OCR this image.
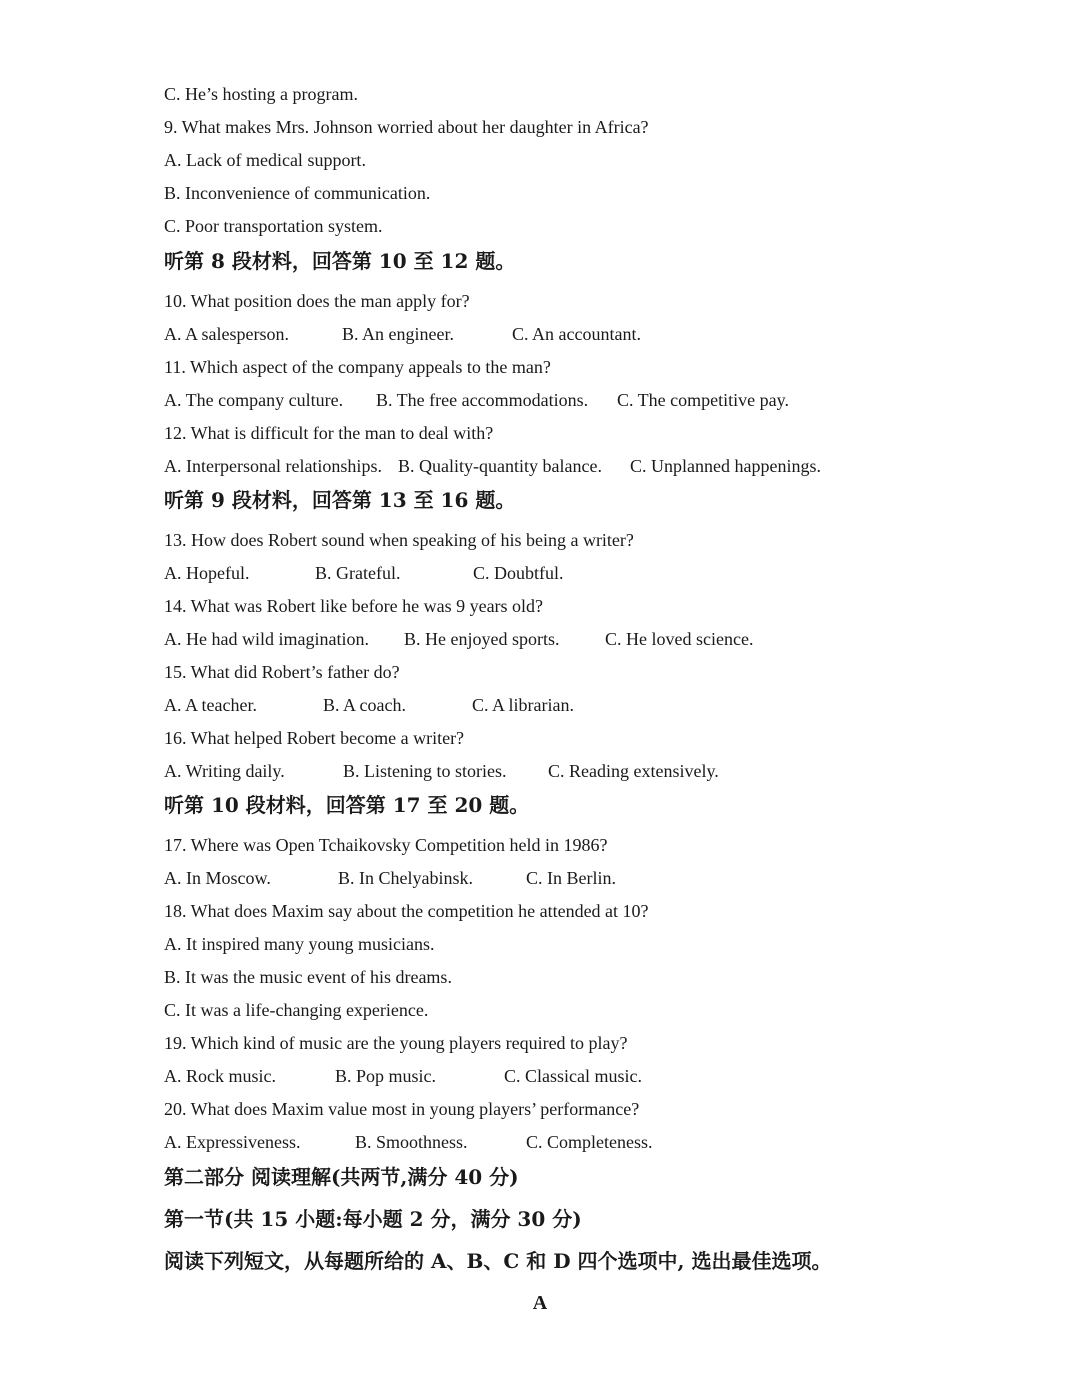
C. He’s hosting a program.
9. What makes Mrs. Johnson worried about her daughter in Africa?
A. Lack of medical support.
B. Inconvenience of communication.
C. Poor transportation system.
听第 8 段材料，回答第 10 至 12 题。
10. What position does the man apply for?
A. A salesperson.	B. An engineer.	C. An accountant.
11. Which aspect of the company appeals to the man?
A. The company culture. B. The free accommodations. C. The competitive pay.
12. What is difficult for the man to deal with?
A. Interpersonal relationships. B. Quality-quantity balance. C. Unplanned happenings.
听第 9 段材料，回答第 13 至 16 题。
13. How does Robert sound when speaking of his being a writer?
A. Hopeful.	B. Grateful.	C. Doubtful.
14. What was Robert like before he was 9 years old?
A. He had wild imagination. B. He enjoyed sports.	C. He loved science.
15. What did Robert’s father do?
A. A teacher.	B. A coach.	C. A librarian.
16. What helped Robert become a writer?
A. Writing daily.	B. Listening to stories. C. Reading extensively.
听第 10 段材料，回答第 17 至 20 题。
17. Where was Open Tchaikovsky Competition held in 1986?
A. In Moscow.	B. In Chelyabinsk.	C. In Berlin.
18. What does Maxim say about the competition he attended at 10?
A. It inspired many young musicians.
B. It was the music event of his dreams.
C. It was a life-changing experience.
19. Which kind of music are the young players required to play?
A. Rock music.	B. Pop music.	C. Classical music.
20. What does Maxim value most in young players’ performance?
A. Expressiveness.	B. Smoothness.	C. Completeness.
第二部分 阅读理解(共两节,满分 40 分)
第一节(共 15 小题:每小题 2 分，满分 30 分)
阅读下列短文，从每题所给的 A、B、C 和 D 四个选项中, 选出最佳选项。
A
